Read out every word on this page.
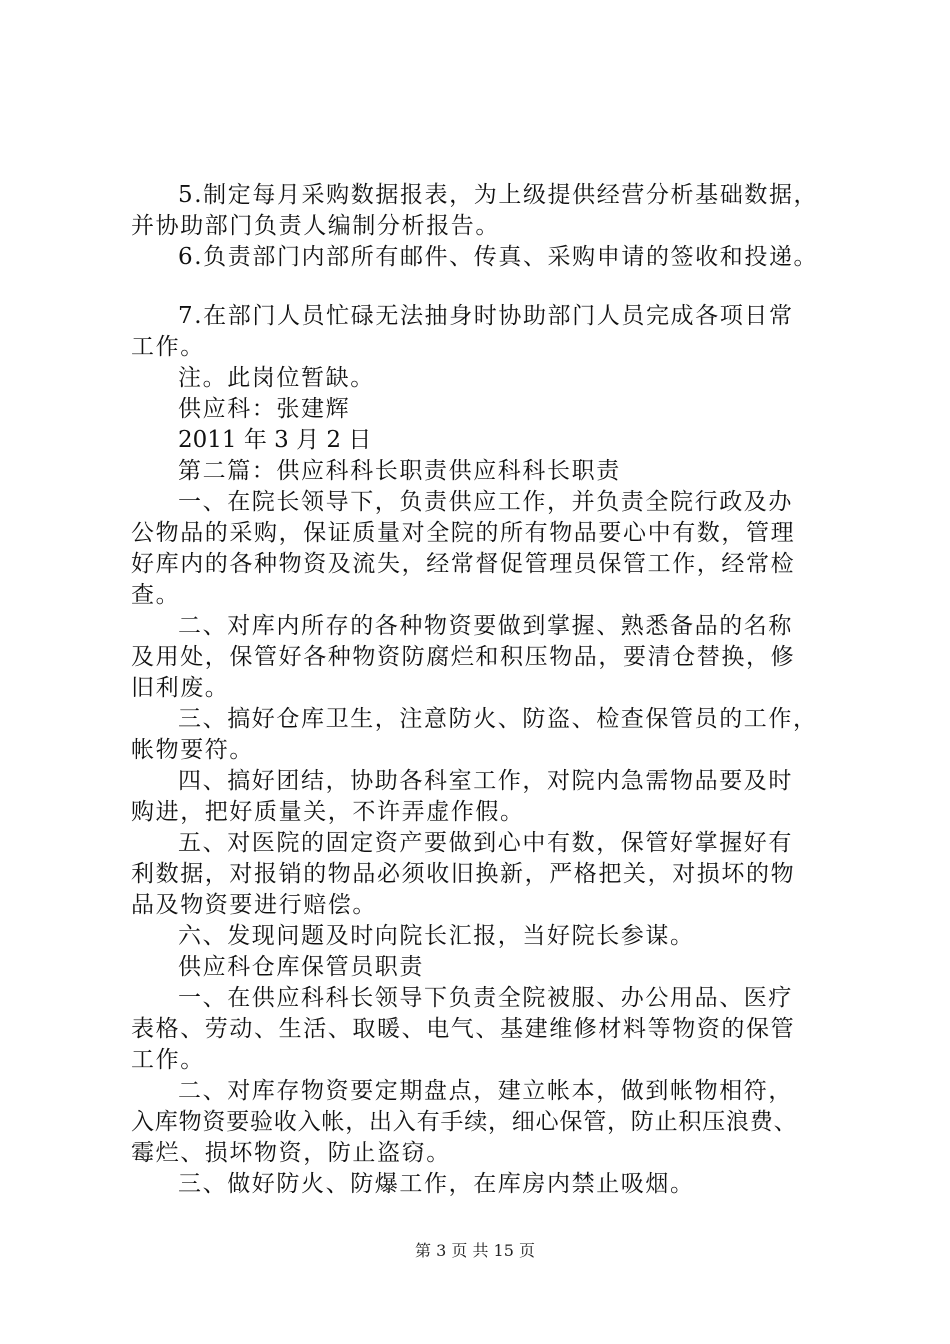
5.制定每月采购数据报表，为上级提供经营分析基础数据，
并协助部门负责人编制分析报告。
6.负责部门内部所有邮件、传真、采购申请的签收和投递。
7.在部门人员忙碌无法抽身时协助部门人员完成各项日常
工作。
注。此岗位暂缺。
供应科：张建辉
2011 年 3 月 2 日
第二篇：供应科科长职责供应科科长职责
一、在院长领导下，负责供应工作，并负责全院行政及办
公物品的采购，保证质量对全院的所有物品要心中有数，管理
好库内的各种物资及流失，经常督促管理员保管工作，经常检
查。
二、对库内所存的各种物资要做到掌握、熟悉备品的名称
及用处，保管好各种物资防腐烂和积压物品，要清仓替换，修
旧利废。
三、搞好仓库卫生，注意防火、防盗、检查保管员的工作，
帐物要符。
四、搞好团结，协助各科室工作，对院内急需物品要及时
购进，把好质量关，不许弄虚作假。
五、对医院的固定资产要做到心中有数，保管好掌握好有
利数据，对报销的物品必须收旧换新，严格把关，对损坏的物
品及物资要进行赔偿。
六、发现问题及时向院长汇报，当好院长参谋。
供应科仓库保管员职责
一、在供应科科长领导下负责全院被服、办公用品、医疗
表格、劳动、生活、取暖、电气、基建维修材料等物资的保管
工作。
二、对库存物资要定期盘点，建立帐本，做到帐物相符，
入库物资要验收入帐，出入有手续，细心保管，防止积压浪费、
霉烂、损坏物资，防止盗窃。
三、做好防火、防爆工作，在库房内禁止吸烟。
第 3 页 共 15 页
